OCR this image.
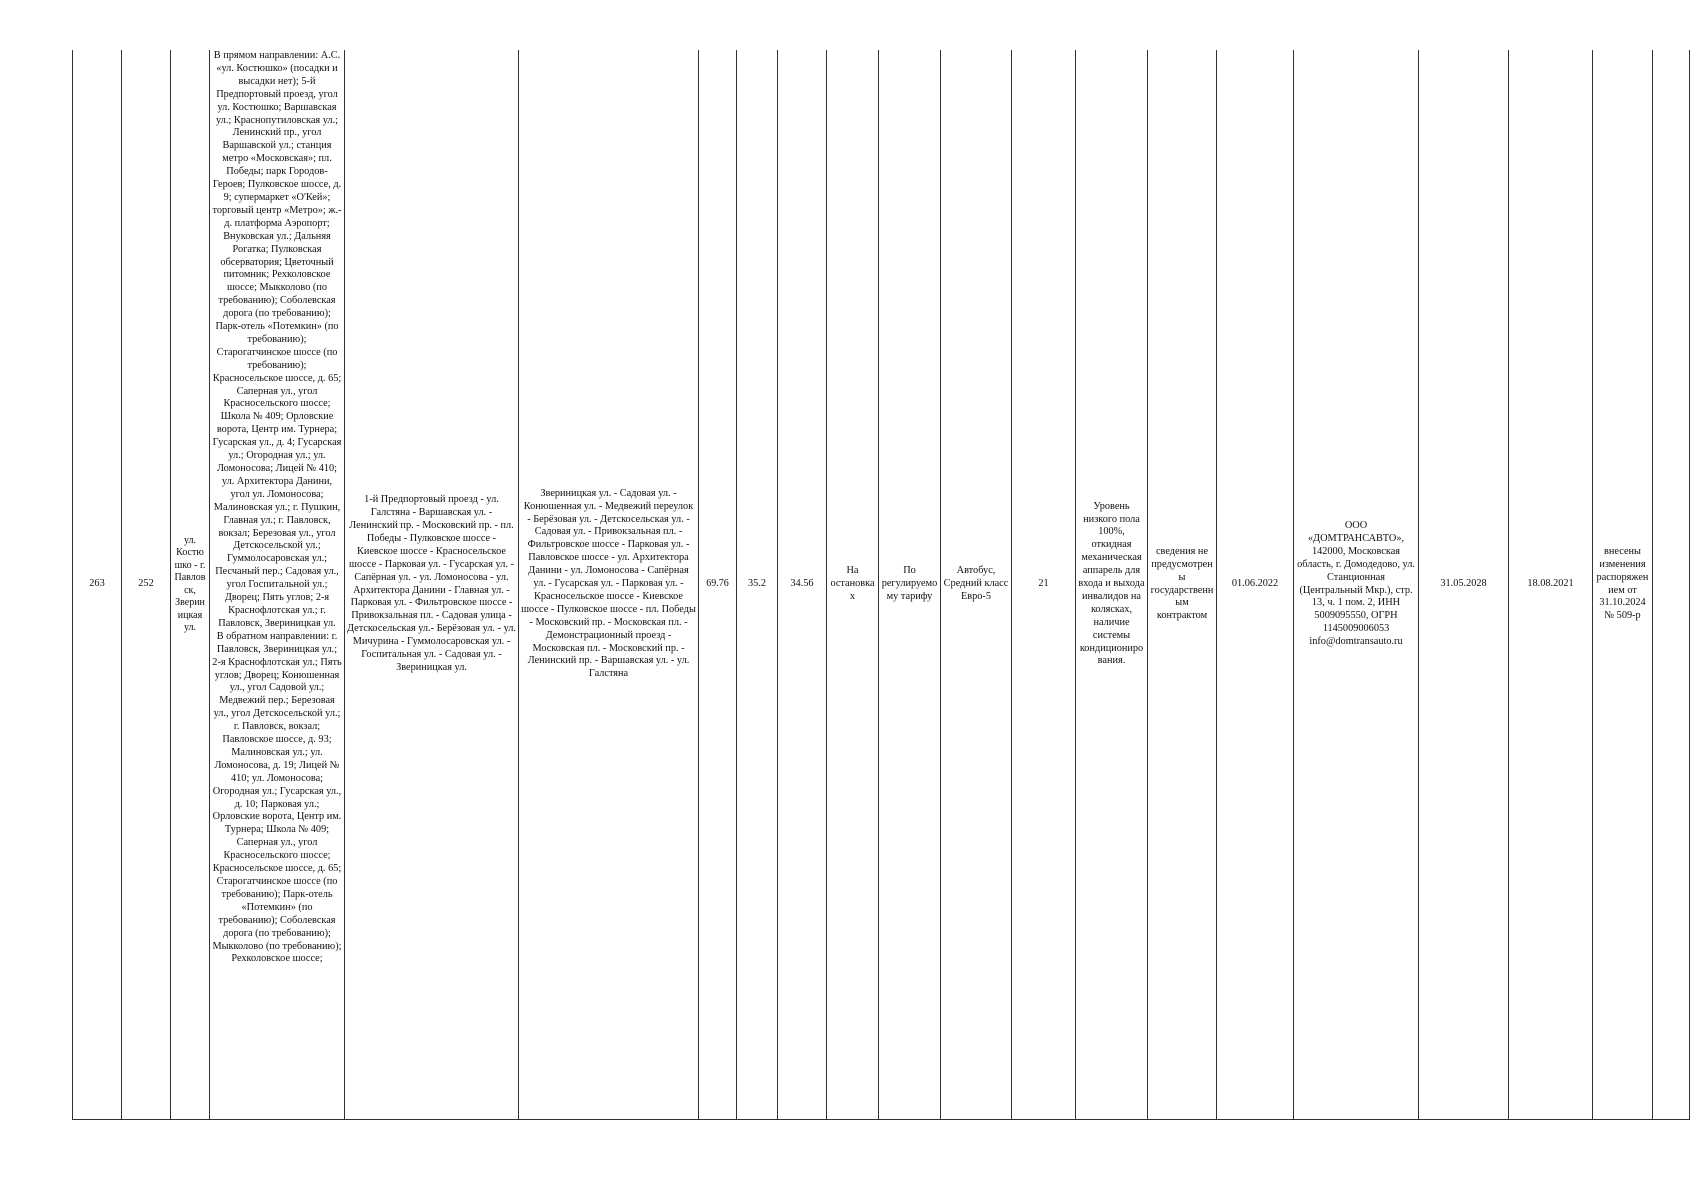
263	252	ул. Костюшко - г. Павловск, Звериницкая ул.	В прямом направлении: А.С. «ул. Костюшко» (посадки и высадки нет); 5-й Предпортовый проезд, угол ул. Костюшко; Варшавская ул.; Краснопутиловская ул.; Ленинский пр., угол Варшавской ул.; станция метро «Московская»; пл. Победы; парк Городов-Героев; Пулковское шоссе, д. 9; супермаркет «О'Кей»; торговый центр «Метро»; ж.-д. платформа Аэропорт; Внуковская ул.; Дальняя Рогатка; Пулковская обсерватория; Цветочный питомник; Рехколовское шоссе; Мыкколово (по требованию); Соболевская дорога (по требованию); Парк-отель «Потемкин» (по требованию); Старогатчинское шоссе (по требованию); Красносельское шоссе, д. 65; Саперная ул., угол Красносельского шоссе; Школа № 409; Орловские ворота, Центр им. Турнера; Гусарская ул., д. 4; Гусарская ул.; Огородная ул.; ул. Ломоносова; Лицей № 410; ул. Архитектора Данини, угол ул. Ломоносова; Малиновская ул.; г. Пушкин, Главная ул.; г. Павловск, вокзал; Березовая ул., угол Детскосельской ул.; Гуммолосаровская ул.; Песчаный пер.; Садовая ул., угол Госпитальной ул.; Дворец; Пять углов; 2-я Краснофлотская ул.; г. Павловск, Звериницкая ул.
В обратном направлении: г. Павловск, Звериницкая ул.; 2-я Краснофлотская ул.; Пять углов; Дворец; Конюшенная ул., угол Садовой ул.; Медвежий пер.; Березовая ул., угол Детскосельской ул.; г. Павловск, вокзал; Павловское шоссе, д. 93; Малиновская ул.; ул. Ломоносова, д. 19; Лицей № 410; ул. Ломоносова; Огородная ул.; Гусарская ул., д. 10; Парковая ул.; Орловские ворота, Центр им. Турнера; Школа № 409; Саперная ул., угол Красносельского шоссе; Красносельское шоссе, д. 65; Старогатчинское шоссе (по требованию); Парк-отель «Потемкин» (по требованию); Соболевская дорога (по требованию); Мыкколово (по требованию); Рехколовское шоссе;	1-й Предпортовый проезд - ул. Галстяна - Варшавская ул. - Ленинский пр. - Московский пр. - пл. Победы - Пулковское шоссе - Киевское шоссе - Красносельское шоссе - Парковая ул. - Гусарская ул. - Сапёрная ул. - ул. Ломоносова - ул. Архитектора Данини - Главная ул. - Парковая ул. - Фильтровское шоссе - Привокзальная пл. - Садовая улица - Детскосельская ул.- Берёзовая ул. - ул. Мичурина - Гуммолосаровская ул. - Госпитальная ул. - Садовая ул. - Звериницкая ул.	Звериницкая ул. - Садовая ул. - Конюшенная ул. - Медвежий переулок - Берёзовая ул. - Детскосельская ул. - Садовая ул. - Привокзальная пл. - Фильтровское шоссе - Парковая ул. - Павловское шоссе - ул. Архитектора Данини - ул. Ломоносова - Сапёрная ул. - Гусарская ул. - Парковая ул. - Красносельское шоссе - Киевское шоссе - Пулковское шоссе - пл. Победы - Московский пр. - Московская пл. - Демонстрационный проезд - Московская пл. - Московский пр. - Ленинский пр. - Варшавская ул. - ул. Галстяна	69.76	35.2	34.56	На остановках	По регулируемому тарифу	Автобус, Средний класс Евро-5	21	Уровень низкого пола 100%, откидная механическая аппарель для входа и выхода инвалидов на колясках, наличие системы кондиционирования.	сведения не предусмотрены государственным контрактом	01.06.2022	ООО «ДОМТРАНСАВТО», 142000, Московская область, г. Домодедово, ул. Станционная (Центральный Мкр.), стр. 13, ч. 1 пом. 2, ИНН 5009095550, ОГРН 1145009006053 info@domtransauto.ru	31.05.2028	18.08.2021	внесены изменения распоряжением от 31.10.2024 № 509-р	
